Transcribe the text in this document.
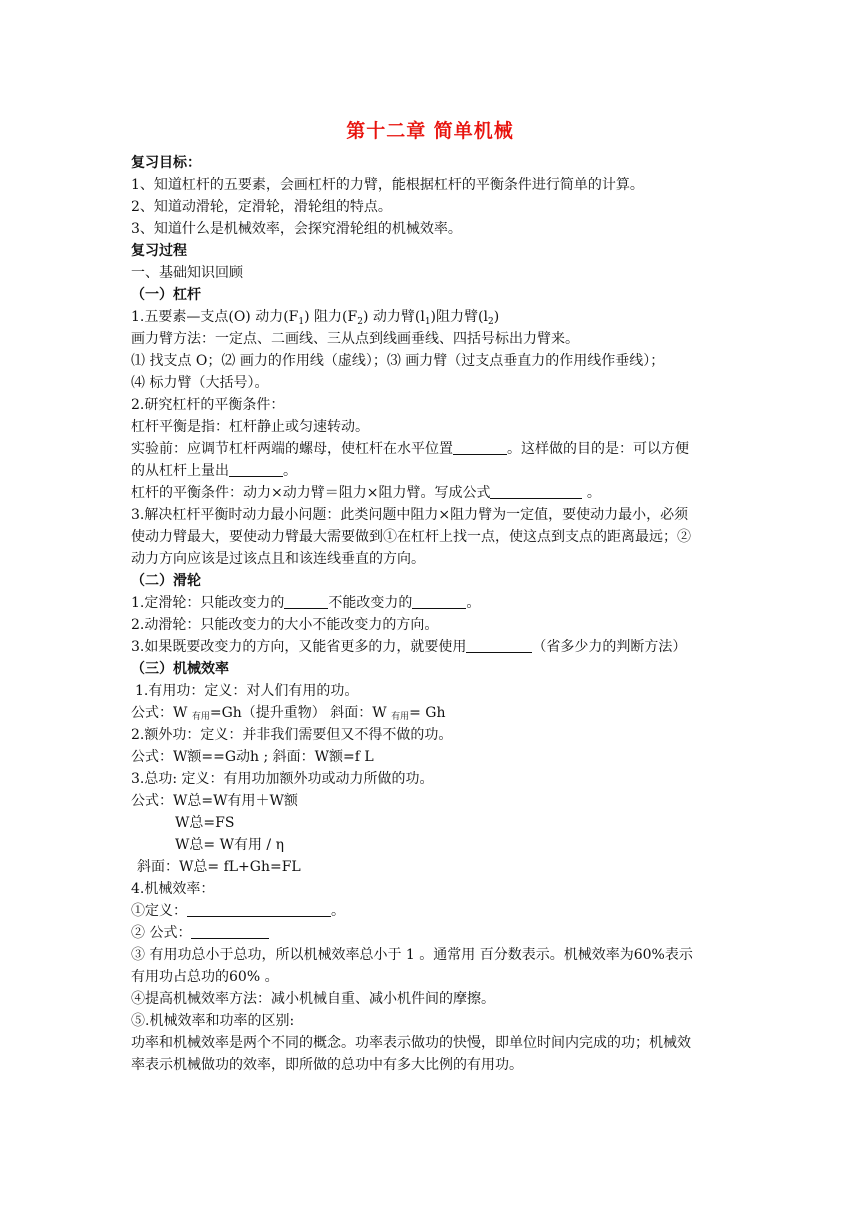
第十二章 简单机械
复习目标：
1、知道杠杆的五要素，会画杠杆的力臂，能根据杠杆的平衡条件进行简单的计算。
2、知道动滑轮，定滑轮，滑轮组的特点。
3、知道什么是机械效率，会探究滑轮组的机械效率。
复习过程
一、基础知识回顾
（一）杠杆
1.五要素—支点(O) 动力$(F_1)$ 阻力$(F_2)$ 动力臂$(l_1)$阻力臂$(l_2)$
画力臂方法：一定点、二画线、三从点到线画垂线、四括号标出力臂来。
⑴ 找支点 O；⑵ 画力的作用线（虚线）；⑶ 画力臂（过支点垂直力的作用线作垂线）；
⑷ 标力臂（大括号）。
2.研究杠杆的平衡条件：
杠杆平衡是指：杠杆静止或匀速转动。
实验前：应调节杠杆两端的螺母，使杠杆在水平位置	。这样做的目的是：可以方便
的从杠杆上量出	。
杠杆的平衡条件：动力×动力臂＝阻力×阻力臂。写成公式	。
3.解决杠杆平衡时动力最小问题：此类问题中阻力×阻力臂为一定值，要使动力最小，必须
使动力臂最大，要使动力臂最大需要做到①在杠杆上找一点，使这点到支点的距离最远；②
动力方向应该是过该点且和该连线垂直的方向。
（二）滑轮
1.定滑轮：只能改变力的	不能改变力的	。
2.动滑轮：只能改变力的大小不能改变力的方向。
3.如果既要改变力的方向，又能省更多的力，就要使用	（省多少力的判断方法）
（三）机械效率
1.有用功：定义：对人们有用的功。
公式：W 有用=Gh（提升重物） 斜面：W 有用= Gh
2.额外功：定义：并非我们需要但又不得不做的功。
公式：W额==G动h ; 斜面：W额=f L
3.总功: 定义：有用功加额外功或动力所做的功。
公式：W总=W有用＋W额
W总=FS
W总= W有用 / η
斜面：W总= fL+Gh=FL
4.机械效率：
①定义：	。
② 公式：
③ 有用功总小于总功，所以机械效率总小于 1 。通常用 百分数表示。机械效率为60%表示
有用功占总功的60% 。
④提高机械效率方法：减小机械自重、减小机件间的摩擦。
⑤.机械效率和功率的区别:
功率和机械效率是两个不同的概念。功率表示做功的快慢，即单位时间内完成的功；机械效
率表示机械做功的效率，即所做的总功中有多大比例的有用功。
